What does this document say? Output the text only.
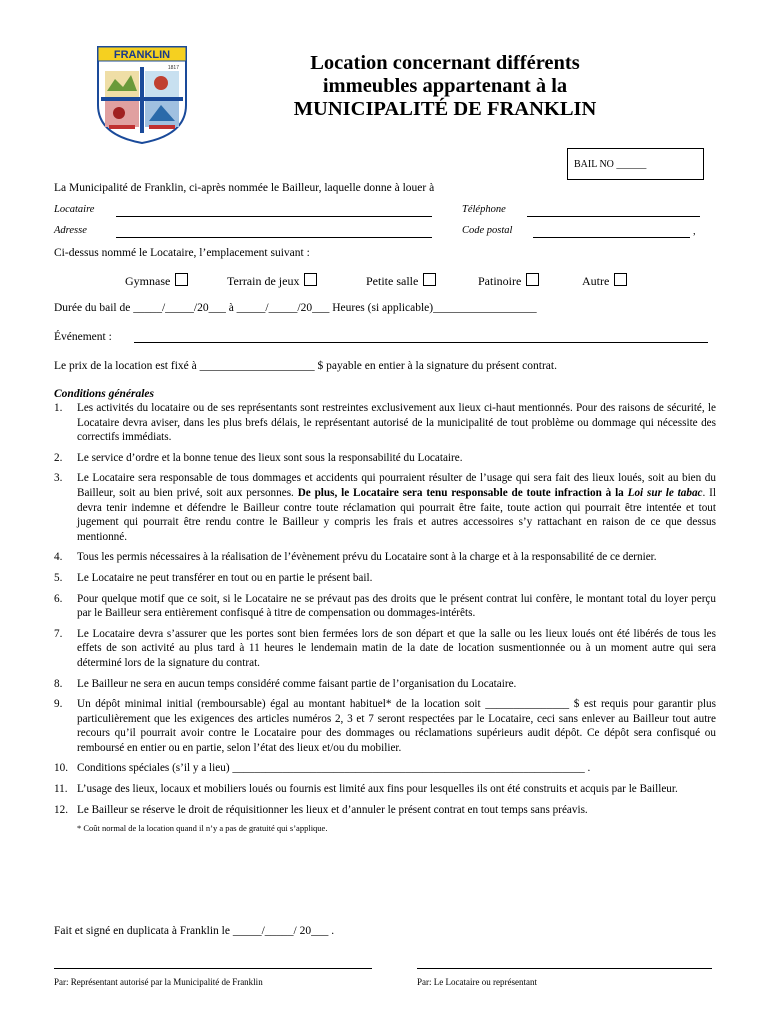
FRANKLIN
1817	Location concernant différents
immeubles appartenant à la
MUNICIPALITÉ DE FRANKLIN
BAIL NO ______
La Municipalité de Franklin, ci-après nommée le Bailleur, laquelle donne à louer à
Locataire	Téléphone
Adresse	Code postal	,
Ci-dessus nommé le Locataire, l’emplacement suivant :
Gymnase	Terrain de jeux	Petite salle	Patinoire	Autre
Durée du bail de _____/_____/20___ à _____/_____/20___ Heures (si applicable)__________________
Événement :
Le prix de la location est fixé à ____________________ $ payable en entier à la signature du présent contrat.
Conditions générales
1. Les activités du locataire ou de ses représentants sont restreintes exclusivement aux lieux ci-haut mentionnés. Pour des raisons de sécurité, le Locataire devra aviser, dans les plus brefs délais, le représentant autorisé de la municipalité de tout problème ou dommage qui nécessite des correctifs immédiats.
2. Le service d’ordre et la bonne tenue des lieux sont sous la responsabilité du Locataire.
3. Le Locataire sera responsable de tous dommages et accidents qui pourraient résulter de l’usage qui sera fait des lieux loués, soit au bien du Bailleur, soit au bien privé, soit aux personnes. De plus, le Locataire sera tenu responsable de toute infraction à la Loi sur le tabac. Il devra tenir indemne et défendre le Bailleur contre toute réclamation qui pourrait être faite, toute action qui pourrait être intentée et tout jugement qui pourrait être rendu contre le Bailleur y compris les frais et autres accessoires s’y rattachant en raison de ce que dessus mentionné.
4. Tous les permis nécessaires à la réalisation de l’évènement prévu du Locataire sont à la charge et à la responsabilité de ce dernier.
5. Le Locataire ne peut transférer en tout ou en partie le présent bail.
6. Pour quelque motif que ce soit, si le Locataire ne se prévaut pas des droits que le présent contrat lui confère, le montant total du loyer perçu par le Bailleur sera entièrement confisqué à titre de compensation ou dommages-intérêts.
7. Le Locataire devra s’assurer que les portes sont bien fermées lors de son départ et que la salle ou les lieux loués ont été libérés de tous les effets de son activité au plus tard à 11 heures le lendemain matin de la date de location susmentionnée ou à un moment autre qui sera déterminé lors de la signature du contrat.
8. Le Bailleur ne sera en aucun temps considéré comme faisant partie de l’organisation du Locataire.
9. Un dépôt minimal initial (remboursable) égal au montant habituel* de la location soit _______________ $ est requis pour garantir plus particulièrement que les exigences des articles numéros 2, 3 et 7 seront respectées par le Locataire, ceci sans enlever au Bailleur tout autre recours qu’il pourrait avoir contre le Locataire pour des dommages ou réclamations supérieurs audit dépôt. Ce dépôt sera confisqué ou remboursé en entier ou en partie, selon l’état des lieux et/ou du mobilier.
10. Conditions spéciales (s’il y a lieu) _______________________________________________________________ .
11. L’usage des lieux, locaux et mobiliers loués ou fournis est limité aux fins pour lesquelles ils ont été construits et acquis par le Bailleur.
12. Le Bailleur se réserve le droit de réquisitionner les lieux et d’annuler le présent contrat en tout temps sans préavis.
* Coût normal de la location quand il n’y a pas de gratuité qui s’applique.
Fait et signé en duplicata à Franklin le _____/_____/ 20___ .
Par: Représentant autorisé par la Municipalité de Franklin	Par: Le Locataire ou représentant
